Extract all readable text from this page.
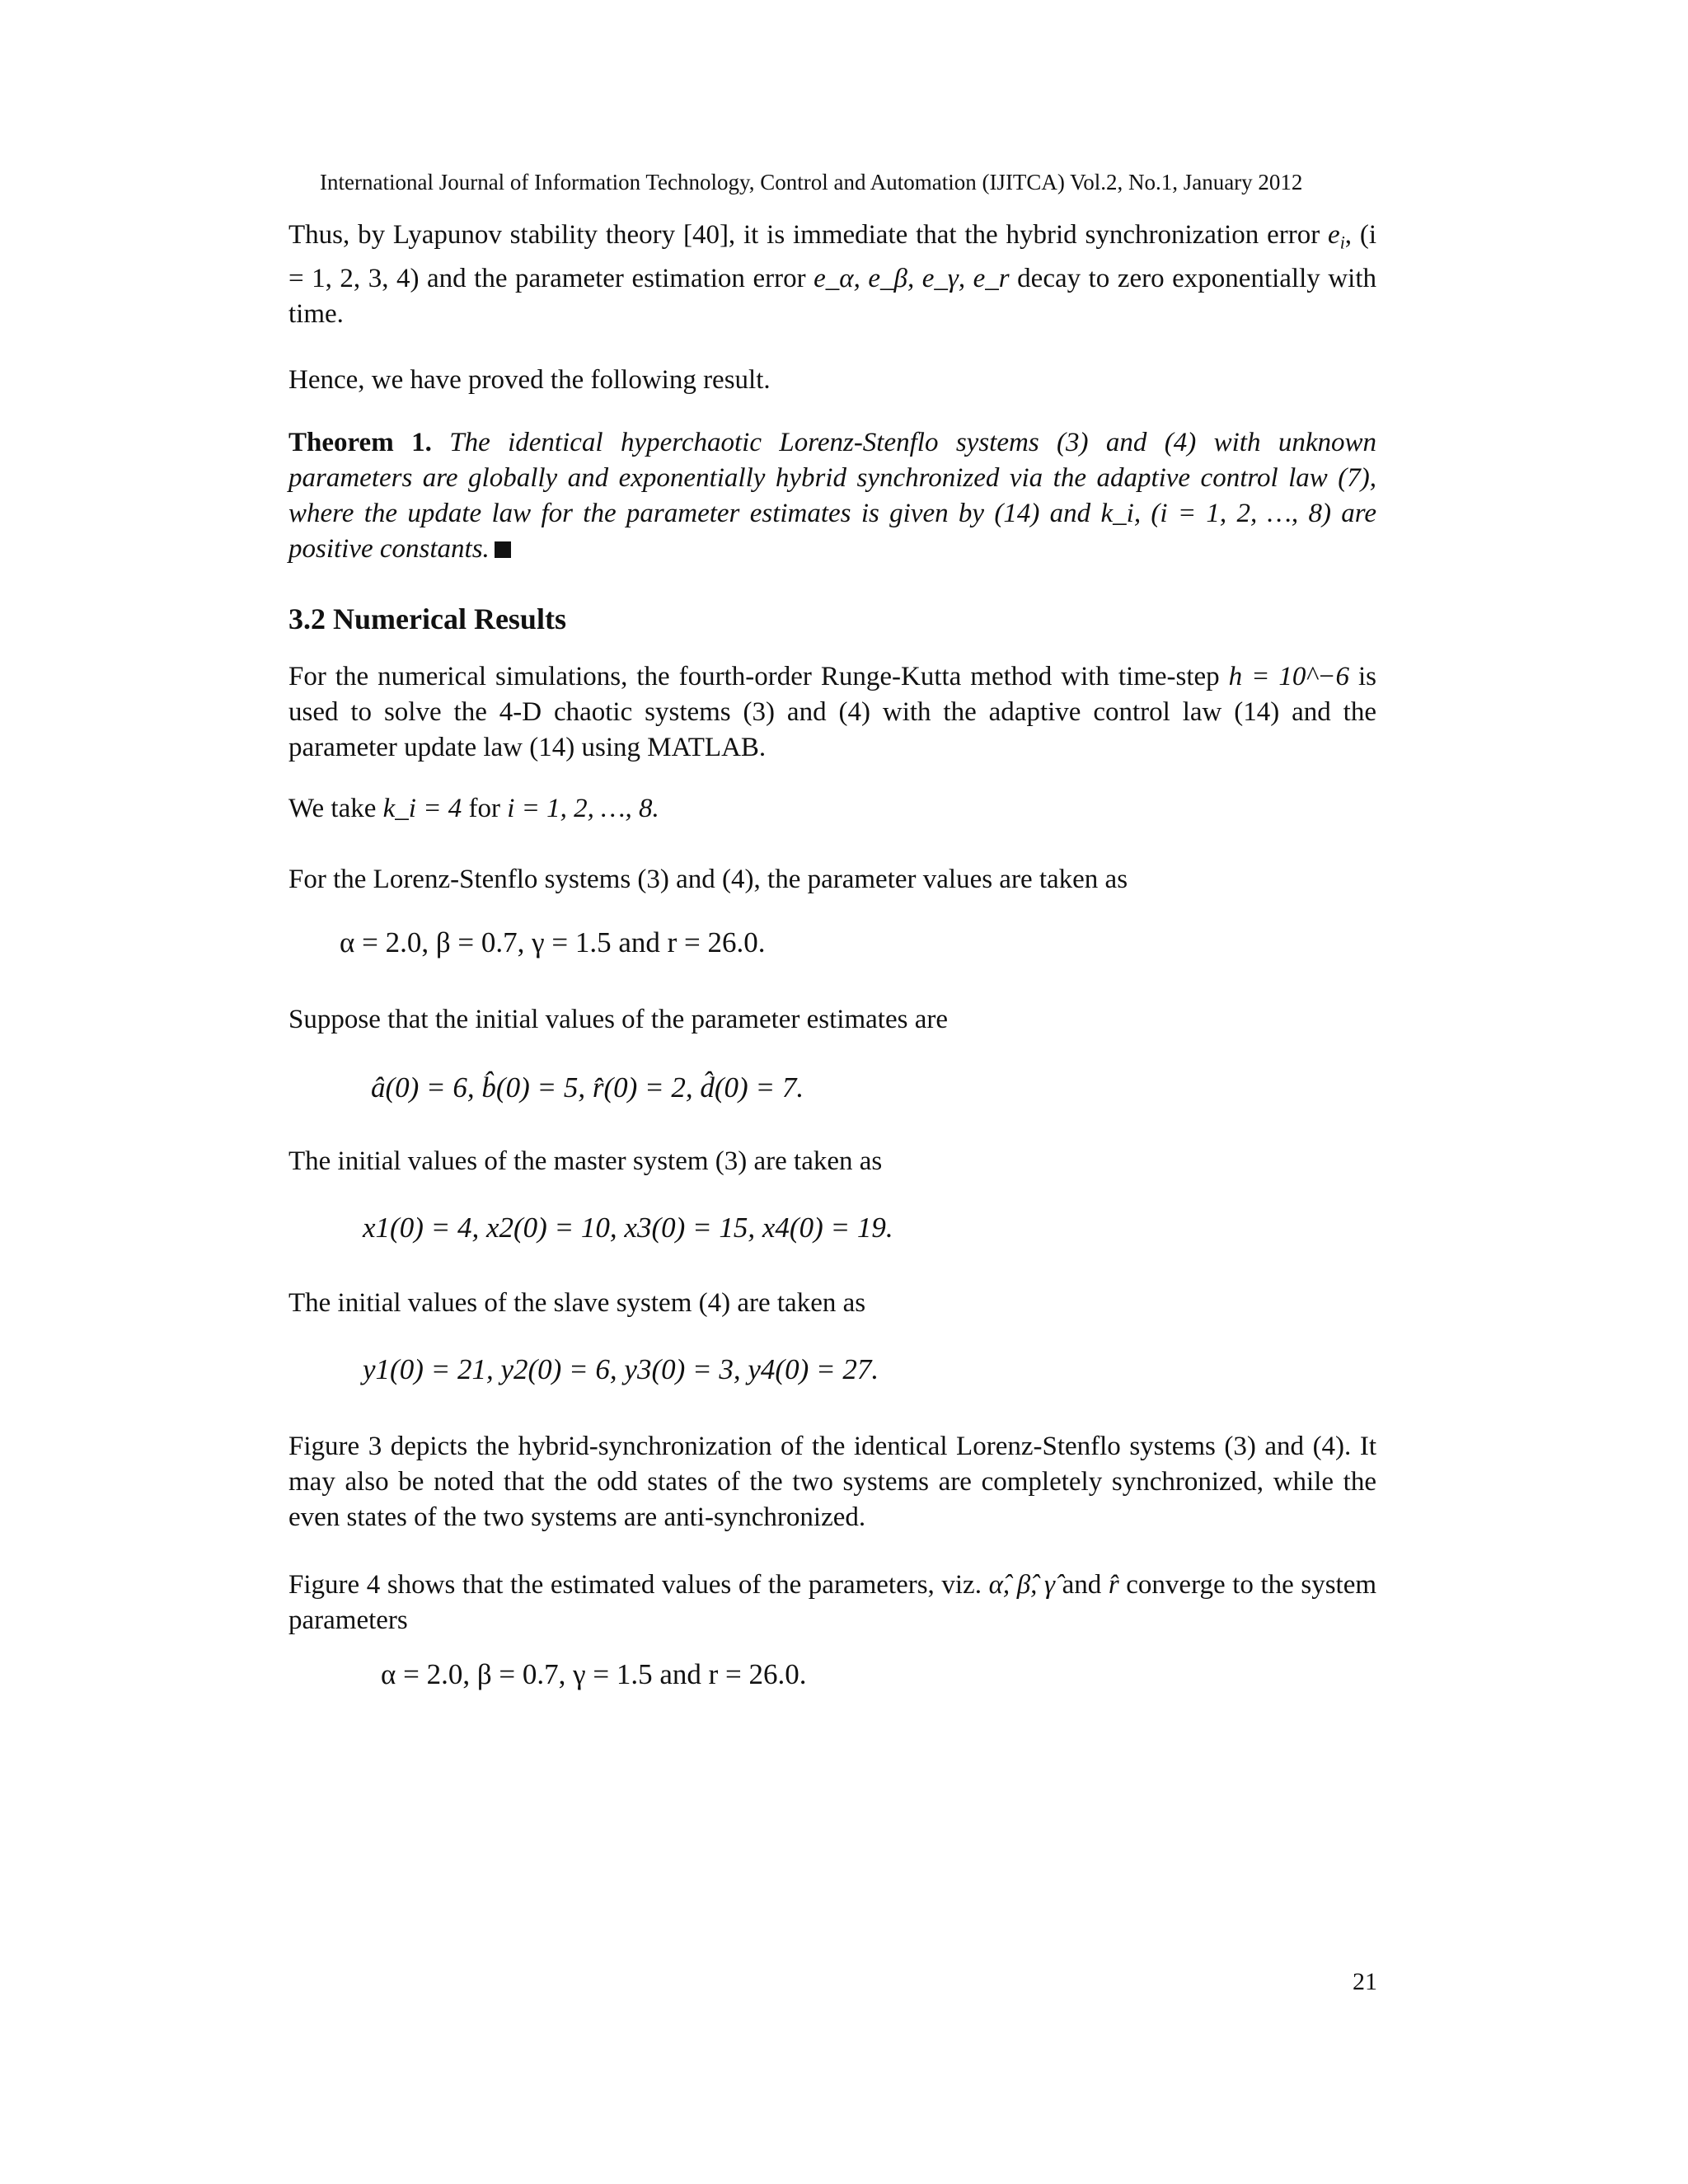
International Journal of Information Technology, Control and Automation (IJITCA) Vol.2, No.1, January 2012
Thus, by Lyapunov stability theory [40], it is immediate that the hybrid synchronization error $e_i$, (i = 1, 2, 3, 4) and the parameter estimation error e_α, e_β, e_γ, e_r decay to zero exponentially with time.
Hence, we have proved the following result.
Theorem 1. The identical hyperchaotic Lorenz-Stenflo systems (3) and (4) with unknown parameters are globally and exponentially hybrid synchronized via the adaptive control law (7), where the update law for the parameter estimates is given by (14) and k_i, (i = 1, 2, …, 8) are positive constants.
3.2 Numerical Results
For the numerical simulations, the fourth-order Runge-Kutta method with time-step h = 10^−6 is used to solve the 4-D chaotic systems (3) and (4) with the adaptive control law (14) and the parameter update law (14) using MATLAB.
We take k_i = 4 for i = 1, 2, …, 8.
For the Lorenz-Stenflo systems (3) and (4), the parameter values are taken as
α = 2.0, β = 0.7, γ = 1.5 and r = 26.0.
Suppose that the initial values of the parameter estimates are
â(0) = 6, b̂(0) = 5, r̂(0) = 2, d̂(0) = 7.
The initial values of the master system (3) are taken as
x1(0) = 4, x2(0) = 10, x3(0) = 15, x4(0) = 19.
The initial values of the slave system (4) are taken as
y1(0) = 21, y2(0) = 6, y3(0) = 3, y4(0) = 27.
Figure 3 depicts the hybrid-synchronization of the identical Lorenz-Stenflo systems (3) and (4). It may also be noted that the odd states of the two systems are completely synchronized, while the even states of the two systems are anti-synchronized.
Figure 4 shows that the estimated values of the parameters, viz. α̂, β̂, γ̂ and r̂ converge to the system parameters
α = 2.0, β = 0.7, γ = 1.5 and r = 26.0.
21
